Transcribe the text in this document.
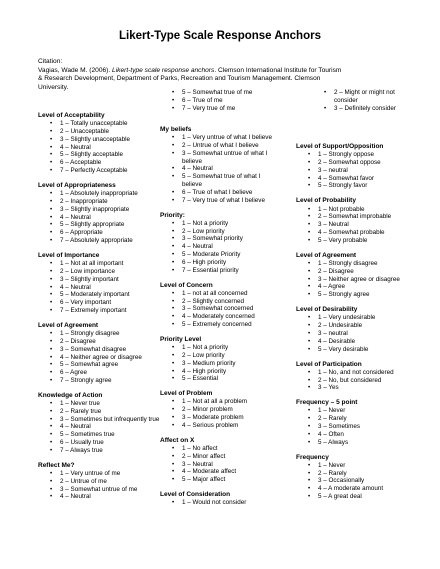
Likert-Type Scale Response Anchors
Citation:
Vagias, Wade M. (2006). Likert-type scale response anchors. Clemson International Institute for Tourism
& Research Development, Department of Parks, Recreation and Tourism Management. Clemson
University.
Level of Acceptability
• 1 – Totally unacceptable
• 2 – Unacceptable
• 3 – Slightly unacceptable
• 4 – Neutral
• 5 – Slightly acceptable
• 6 – Acceptable
• 7 – Perfectly Acceptable
Level of Appropriateness
• 1 – Absolutely inappropriate
• 2 – Inappropriate
• 3 – Slightly inappropriate
• 4 – Neutral
• 5 – Slightly appropriate
• 6 – Appropriate
• 7 – Absolutely appropriate
Level of Importance
• 1 – Not at all important
• 2 – Low importance
• 3 – Slightly important
• 4 – Neutral
• 5 – Moderately important
• 6 – Very important
• 7 – Extremely important
Level of Agreement
• 1 – Strongly disagree
• 2 – Disagree
• 3 – Somewhat disagree
• 4 – Neither agree or disagree
• 5 – Somewhat agree
• 6 – Agree
• 7 – Strongly agree
Knowledge of Action
• 1 – Never true
• 2 – Rarely true
• 3 – Sometimes but infrequently true
• 4 – Neutral
• 5 – Sometimes true
• 6 – Usually true
• 7 – Always true
Reflect Me?
• 1 – Very untrue of me
• 2 – Untrue of me
• 3 – Somewhat untrue of me
• 4 – Neutral
• 5 – Somewhat true of me
• 6 – True of me
• 7 – Very true of me
My beliefs
• 1 – Very untrue of what I believe
• 2 – Untrue of what I believe
• 3 – Somewhat untrue of what I believe
• 4 – Neutral
• 5 – Somewhat true of what I believe
• 6 – True of what I believe
• 7 – Very true of what I believe
Priority:
• 1 – Not a priority
• 2 – Low priority
• 3 – Somewhat priority
• 4 – Neutral
• 5 – Moderate Priority
• 6 – High priority
• 7 – Essential priority
Level of Concern
• 1 – not at all concerned
• 2 – Slightly concerned
• 3 – Somewhat concerned
• 4 – Moderately concerned
• 5 – Extremely concerned
Priority Level
• 1 – Not a priority
• 2 – Low priority
• 3 – Medium priority
• 4 – High priority
• 5 – Essential
Level of Problem
• 1 – Not at all a problem
• 2 – Minor problem
• 3 – Moderate problem
• 4 – Serious problem
Affect on X
• 1 – No affect
• 2 – Minor affect
• 3 – Neutral
• 4 – Moderate affect
• 5 – Major affect
Level of Consideration
• 1 – Would not consider
• 2 – Might or might not consider
• 3 – Definitely consider
Level of Support/Opposition
• 1 – Strongly oppose
• 2 – Somewhat oppose
• 3 – neutral
• 4 – Somewhat favor
• 5 – Strongly favor
Level of Probability
• 1 – Not probable
• 2 – Somewhat improbable
• 3 – Neutral
• 4 – Somewhat probable
• 5 – Very probable
Level of Agreement
• 1 – Strongly disagree
• 2 – Disagree
• 3 – Neither agree or disagree
• 4 – Agree
• 5 – Strongly agree
Level of Desirability
• 1 – Very undesirable
• 2 – Undesirable
• 3 – neutral
• 4 – Desirable
• 5 – Very desirable
Level of Participation
• 1 – No, and not considered
• 2 – No, but considered
• 3 – Yes
Frequency – 5 point
• 1 – Never
• 2 – Rarely
• 3 – Sometimes
• 4 – Often
• 5 – Always
Frequency
• 1 – Never
• 2 – Rarely
• 3 – Occasionally
• 4 – A moderate amount
• 5 – A great deal
